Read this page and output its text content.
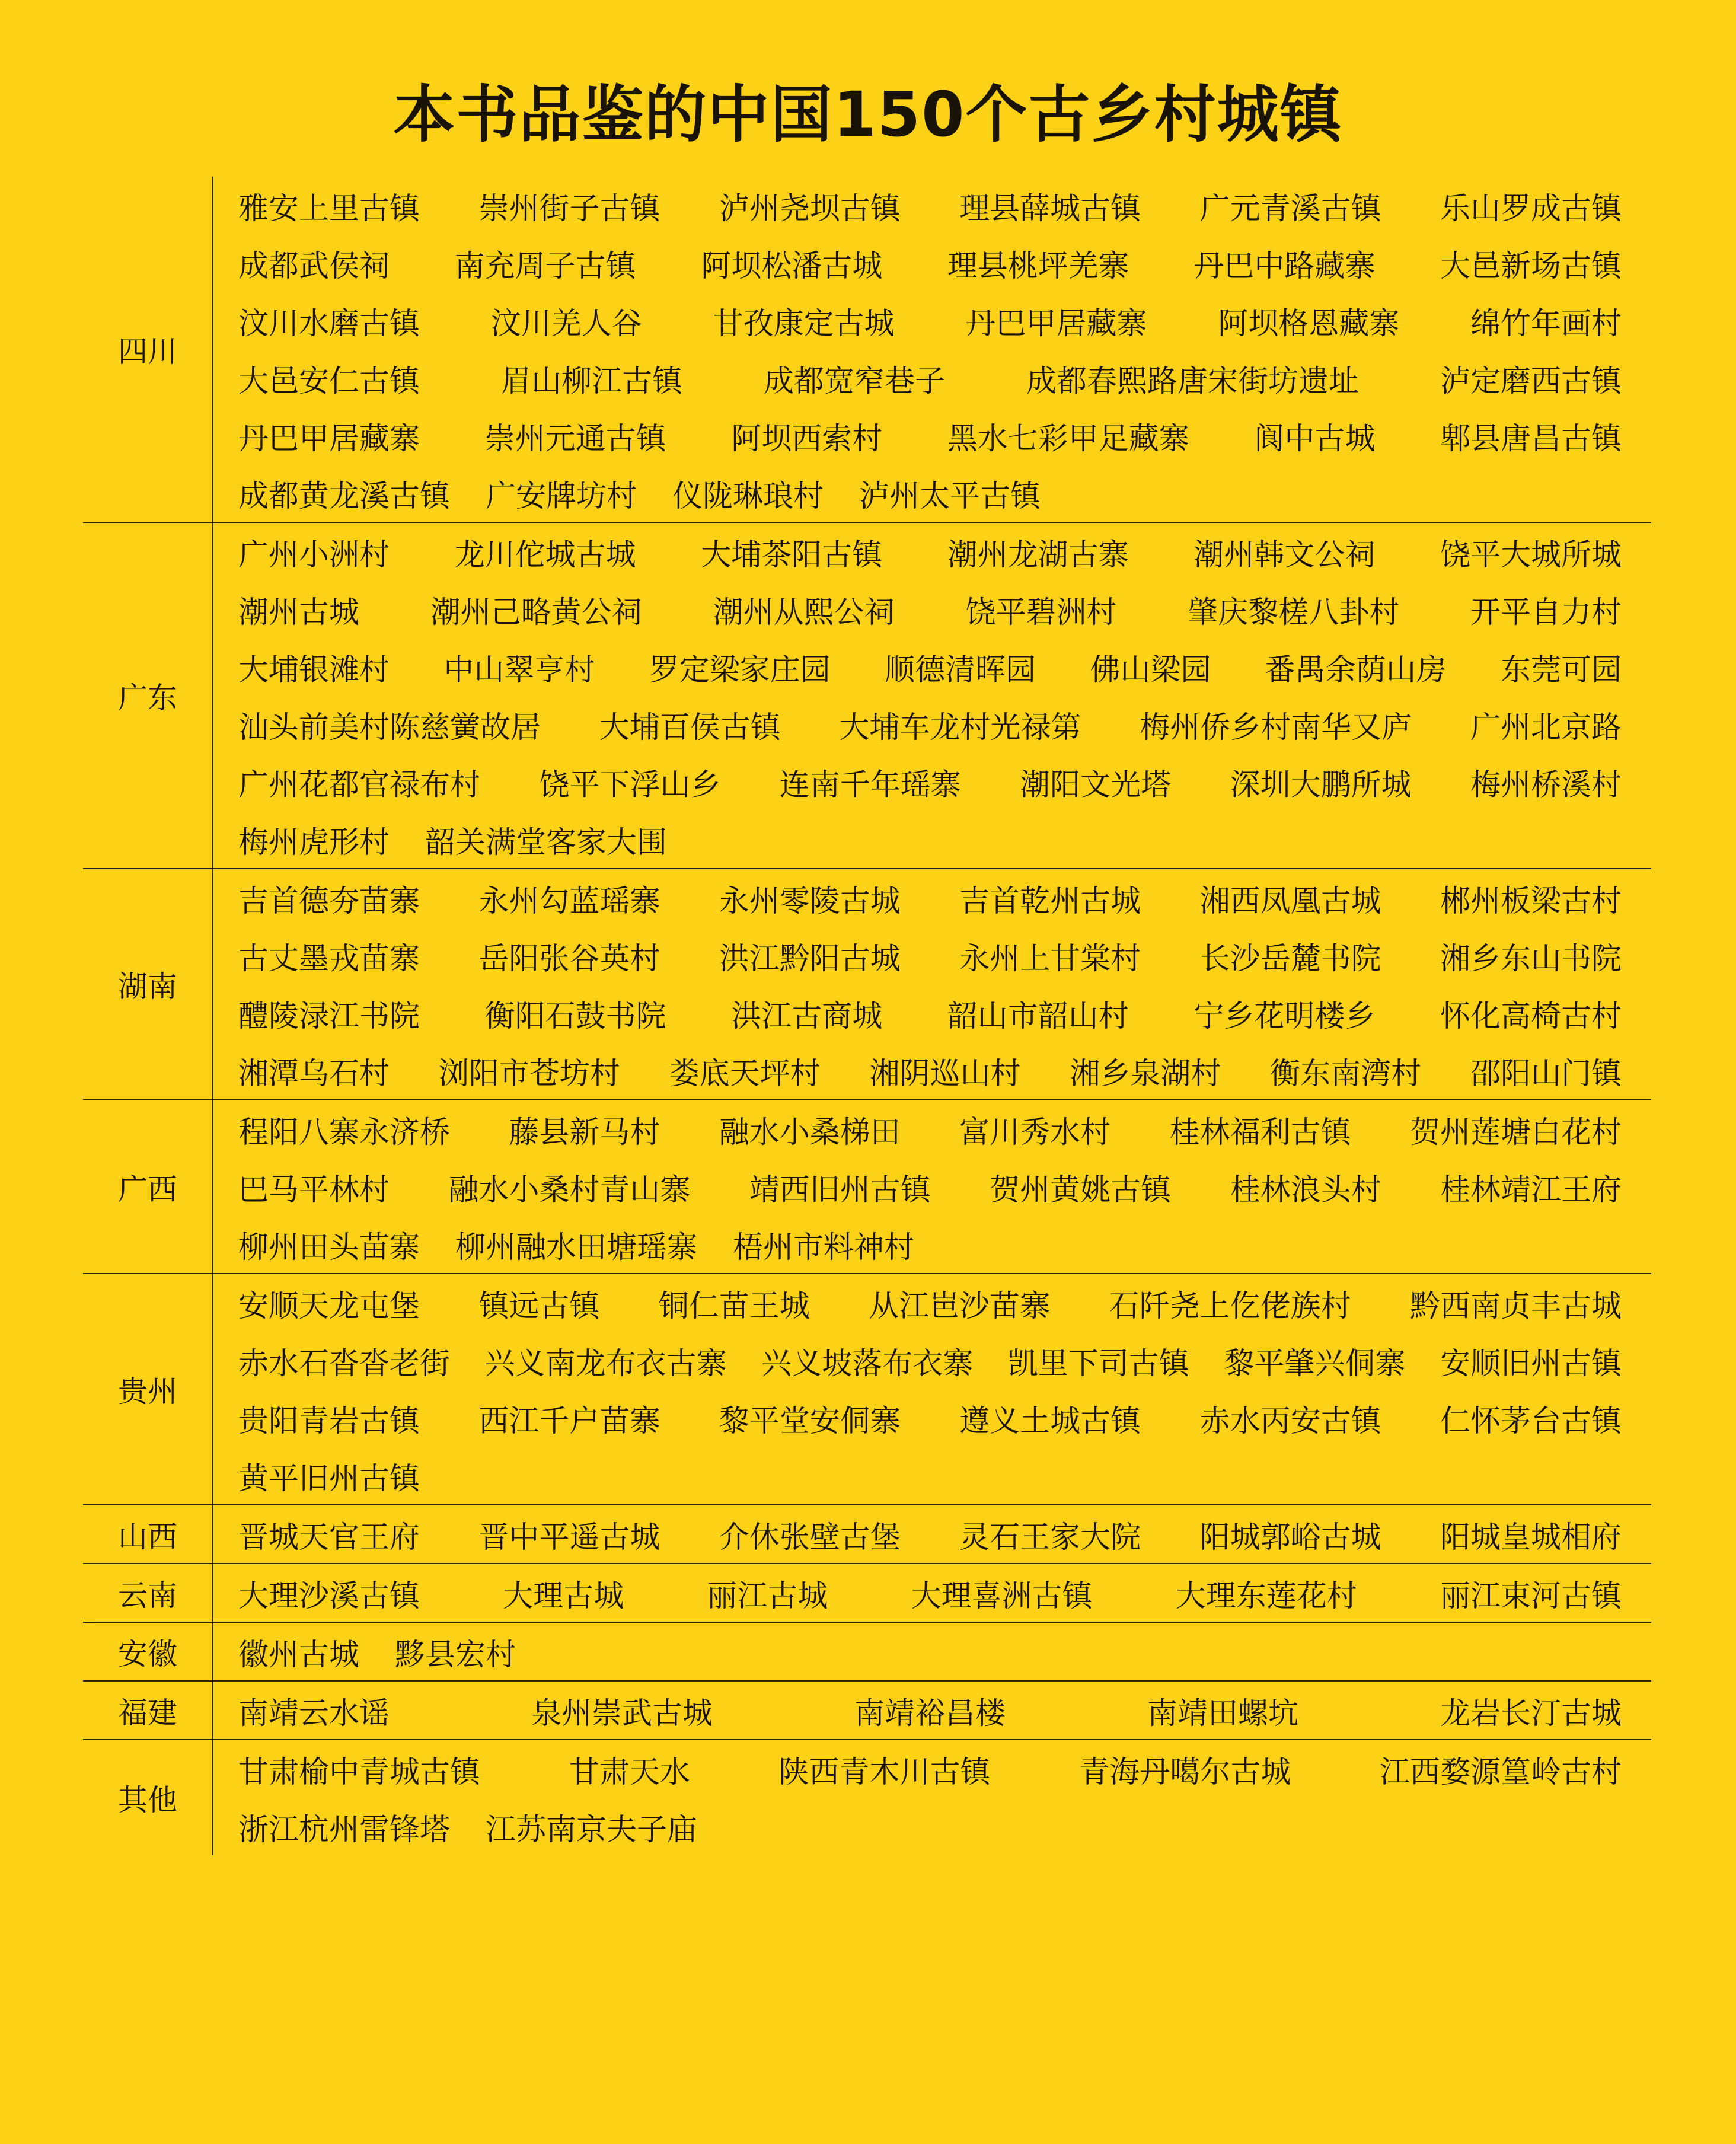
本书品鉴的中国150个古乡村城镇
四川
雅安上里古镇 崇州街子古镇 泸州尧坝古镇 理县薛城古镇 广元青溪古镇 乐山罗成古镇
成都武侯祠 南充周子古镇 阿坝松潘古城 理县桃坪羌寨 丹巴中路藏寨 大邑新场古镇
汶川水磨古镇 汶川羌人谷 甘孜康定古城 丹巴甲居藏寨 阿坝格恩藏寨 绵竹年画村
大邑安仁古镇	眉山柳江古镇	成都宽窄巷子	成都春熙路唐宋街坊遗址	泸定磨西古镇
丹巴甲居藏寨 崇州元通古镇 阿坝西索村 黑水七彩甲足藏寨 阆中古城 郫县唐昌古镇
成都黄龙溪古镇 广安牌坊村 仪陇琳琅村 泸州太平古镇
广东
广州小洲村 龙川佗城古城 大埔茶阳古镇 潮州龙湖古寨 潮州韩文公祠 饶平大城所城
潮州古城 潮州己略黄公祠 潮州从熙公祠 饶平碧洲村 肇庆黎槎八卦村 开平自力村
大埔银滩村 中山翠亨村 罗定梁家庄园 顺德清晖园 佛山梁园 番禺余荫山房 东莞可园
汕头前美村陈慈黉故居 大埔百侯古镇 大埔车龙村光禄第 梅州侨乡村南华又庐 广州北京路
广州花都官禄布村 饶平下浮山乡 连南千年瑶寨 潮阳文光塔 深圳大鹏所城 梅州桥溪村
梅州虎形村 韶关满堂客家大围
湖南
吉首德夯苗寨 永州勾蓝瑶寨 永州零陵古城 吉首乾州古城 湘西凤凰古城 郴州板梁古村
古丈墨戎苗寨 岳阳张谷英村 洪江黔阳古城 永州上甘棠村 长沙岳麓书院 湘乡东山书院
醴陵渌江书院 衡阳石鼓书院 洪江古商城 韶山市韶山村 宁乡花明楼乡 怀化高椅古村
湘潭乌石村 浏阳市苍坊村 娄底天坪村 湘阴巡山村 湘乡泉湖村 衡东南湾村 邵阳山门镇
广西
程阳八寨永济桥 藤县新马村 融水小桑梯田 富川秀水村 桂林福利古镇 贺州莲塘白花村
巴马平林村 融水小桑村青山寨 靖西旧州古镇 贺州黄姚古镇 桂林浪头村 桂林靖江王府
柳州田头苗寨 柳州融水田塘瑶寨 梧州市料神村
贵州
安顺天龙屯堡 镇远古镇 铜仁苗王城 从江岜沙苗寨 石阡尧上仡佬族村 黔西南贞丰古城
赤水石沓沓老街 兴义南龙布衣古寨 兴义坡落布衣寨 凯里下司古镇 黎平肇兴侗寨 安顺旧州古镇
贵阳青岩古镇 西江千户苗寨 黎平堂安侗寨 遵义土城古镇 赤水丙安古镇 仁怀茅台古镇
黄平旧州古镇
山西	晋城天官王府 晋中平遥古城 介休张壁古堡 灵石王家大院 阳城郭峪古城 阳城皇城相府
云南	大理沙溪古镇	大理古城	丽江古城	大理喜洲古镇	大理东莲花村	丽江束河古镇
安徽	徽州古城 黟县宏村
福建	南靖云水谣	泉州崇武古城	南靖裕昌楼	南靖田螺坑	龙岩长汀古城
其他
甘肃榆中青城古镇	甘肃天水	陕西青木川古镇	青海丹噶尔古城	江西婺源篁岭古村
浙江杭州雷锋塔 江苏南京夫子庙
